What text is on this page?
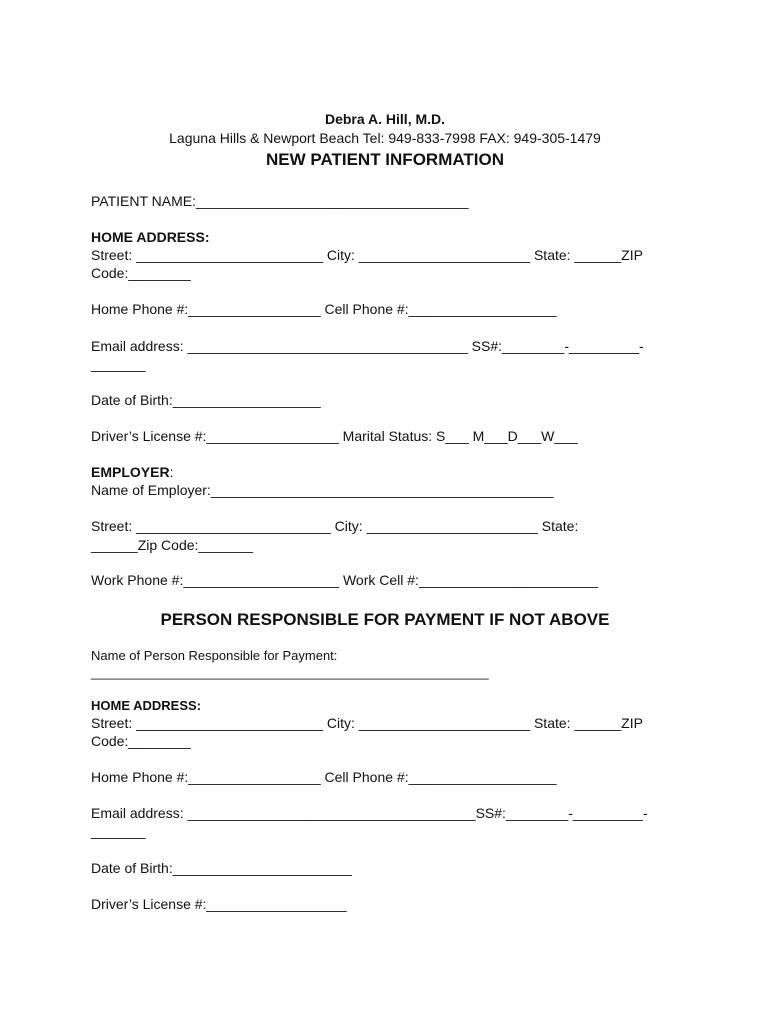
Debra A. Hill, M.D.
Laguna Hills & Newport Beach Tel: 949-833-7998 FAX: 949-305-1479
NEW PATIENT INFORMATION
PATIENT NAME:___________________________________
HOME ADDRESS:
Street: ________________________ City: ______________________ State: ______ZIP
Code:________
Home Phone #:_________________ Cell Phone #:___________________
Email address: ____________________________________ SS#:________-_________-
_______
Date of Birth:___________________
Driver’s License #:_________________ Marital Status: S___ M___D___W___
EMPLOYER:
Name of Employer:____________________________________________
Street: _________________________ City: ______________________ State:
______Zip Code:_______
Work Phone #:____________________ Work Cell #:_______________________
PERSON RESPONSIBLE FOR PAYMENT IF NOT ABOVE
Name of Person Responsible for Payment:
_______________________________________________________
HOME ADDRESS:
Street: ________________________ City: ______________________ State: ______ZIP
Code:________
Home Phone #:_________________ Cell Phone #:___________________
Email address: _____________________________________SS#:________-_________-
_______
Date of Birth:_______________________
Driver’s License #:__________________
